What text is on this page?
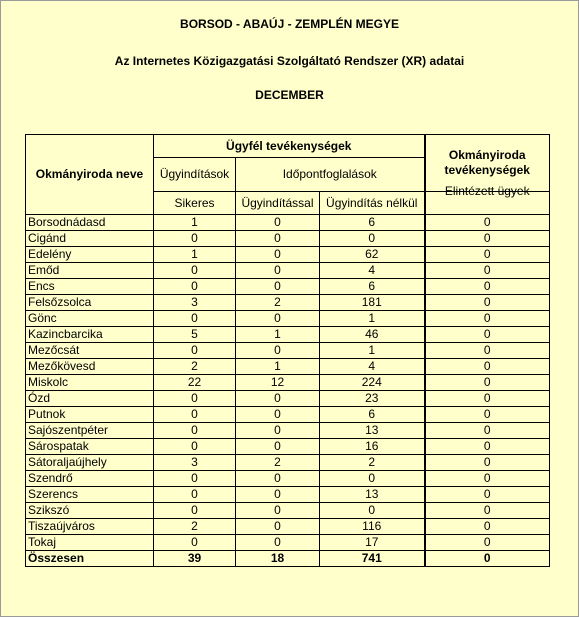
BORSOD - ABAÚJ - ZEMPLÉN MEGYE
Az Internetes Közigazgatási Szolgáltató Rendszer (XR) adatai
DECEMBER
Okmányiroda neve	Ügyfél tevékenységek			Okmányiroda tevékenységek
	Ügyindítások	Időpontfoglalások		
	Sikeres	Ügyindítással	Ügyindítás nélkül	Elintézett ügyek
Borsodnádasd	1	0	6	0
Cigánd	0	0	0	0
Edelény	1	0	62	0
Emőd	0	0	4	0
Encs	0	0	6	0
Felsőzsolca	3	2	181	0
Gönc	0	0	1	0
Kazincbarcika	5	1	46	0
Mezőcsát	0	0	1	0
Mezőkövesd	2	1	4	0
Miskolc	22	12	224	0
Ózd	0	0	23	0
Putnok	0	0	6	0
Sajószentpéter	0	0	13	0
Sárospatak	0	0	16	0
Sátoraljaújhely	3	2	2	0
Szendrő	0	0	0	0
Szerencs	0	0	13	0
Szikszó	0	0	0	0
Tiszaújváros	2	0	116	0
Tokaj	0	0	17	0
Összesen	39	18	741	0
